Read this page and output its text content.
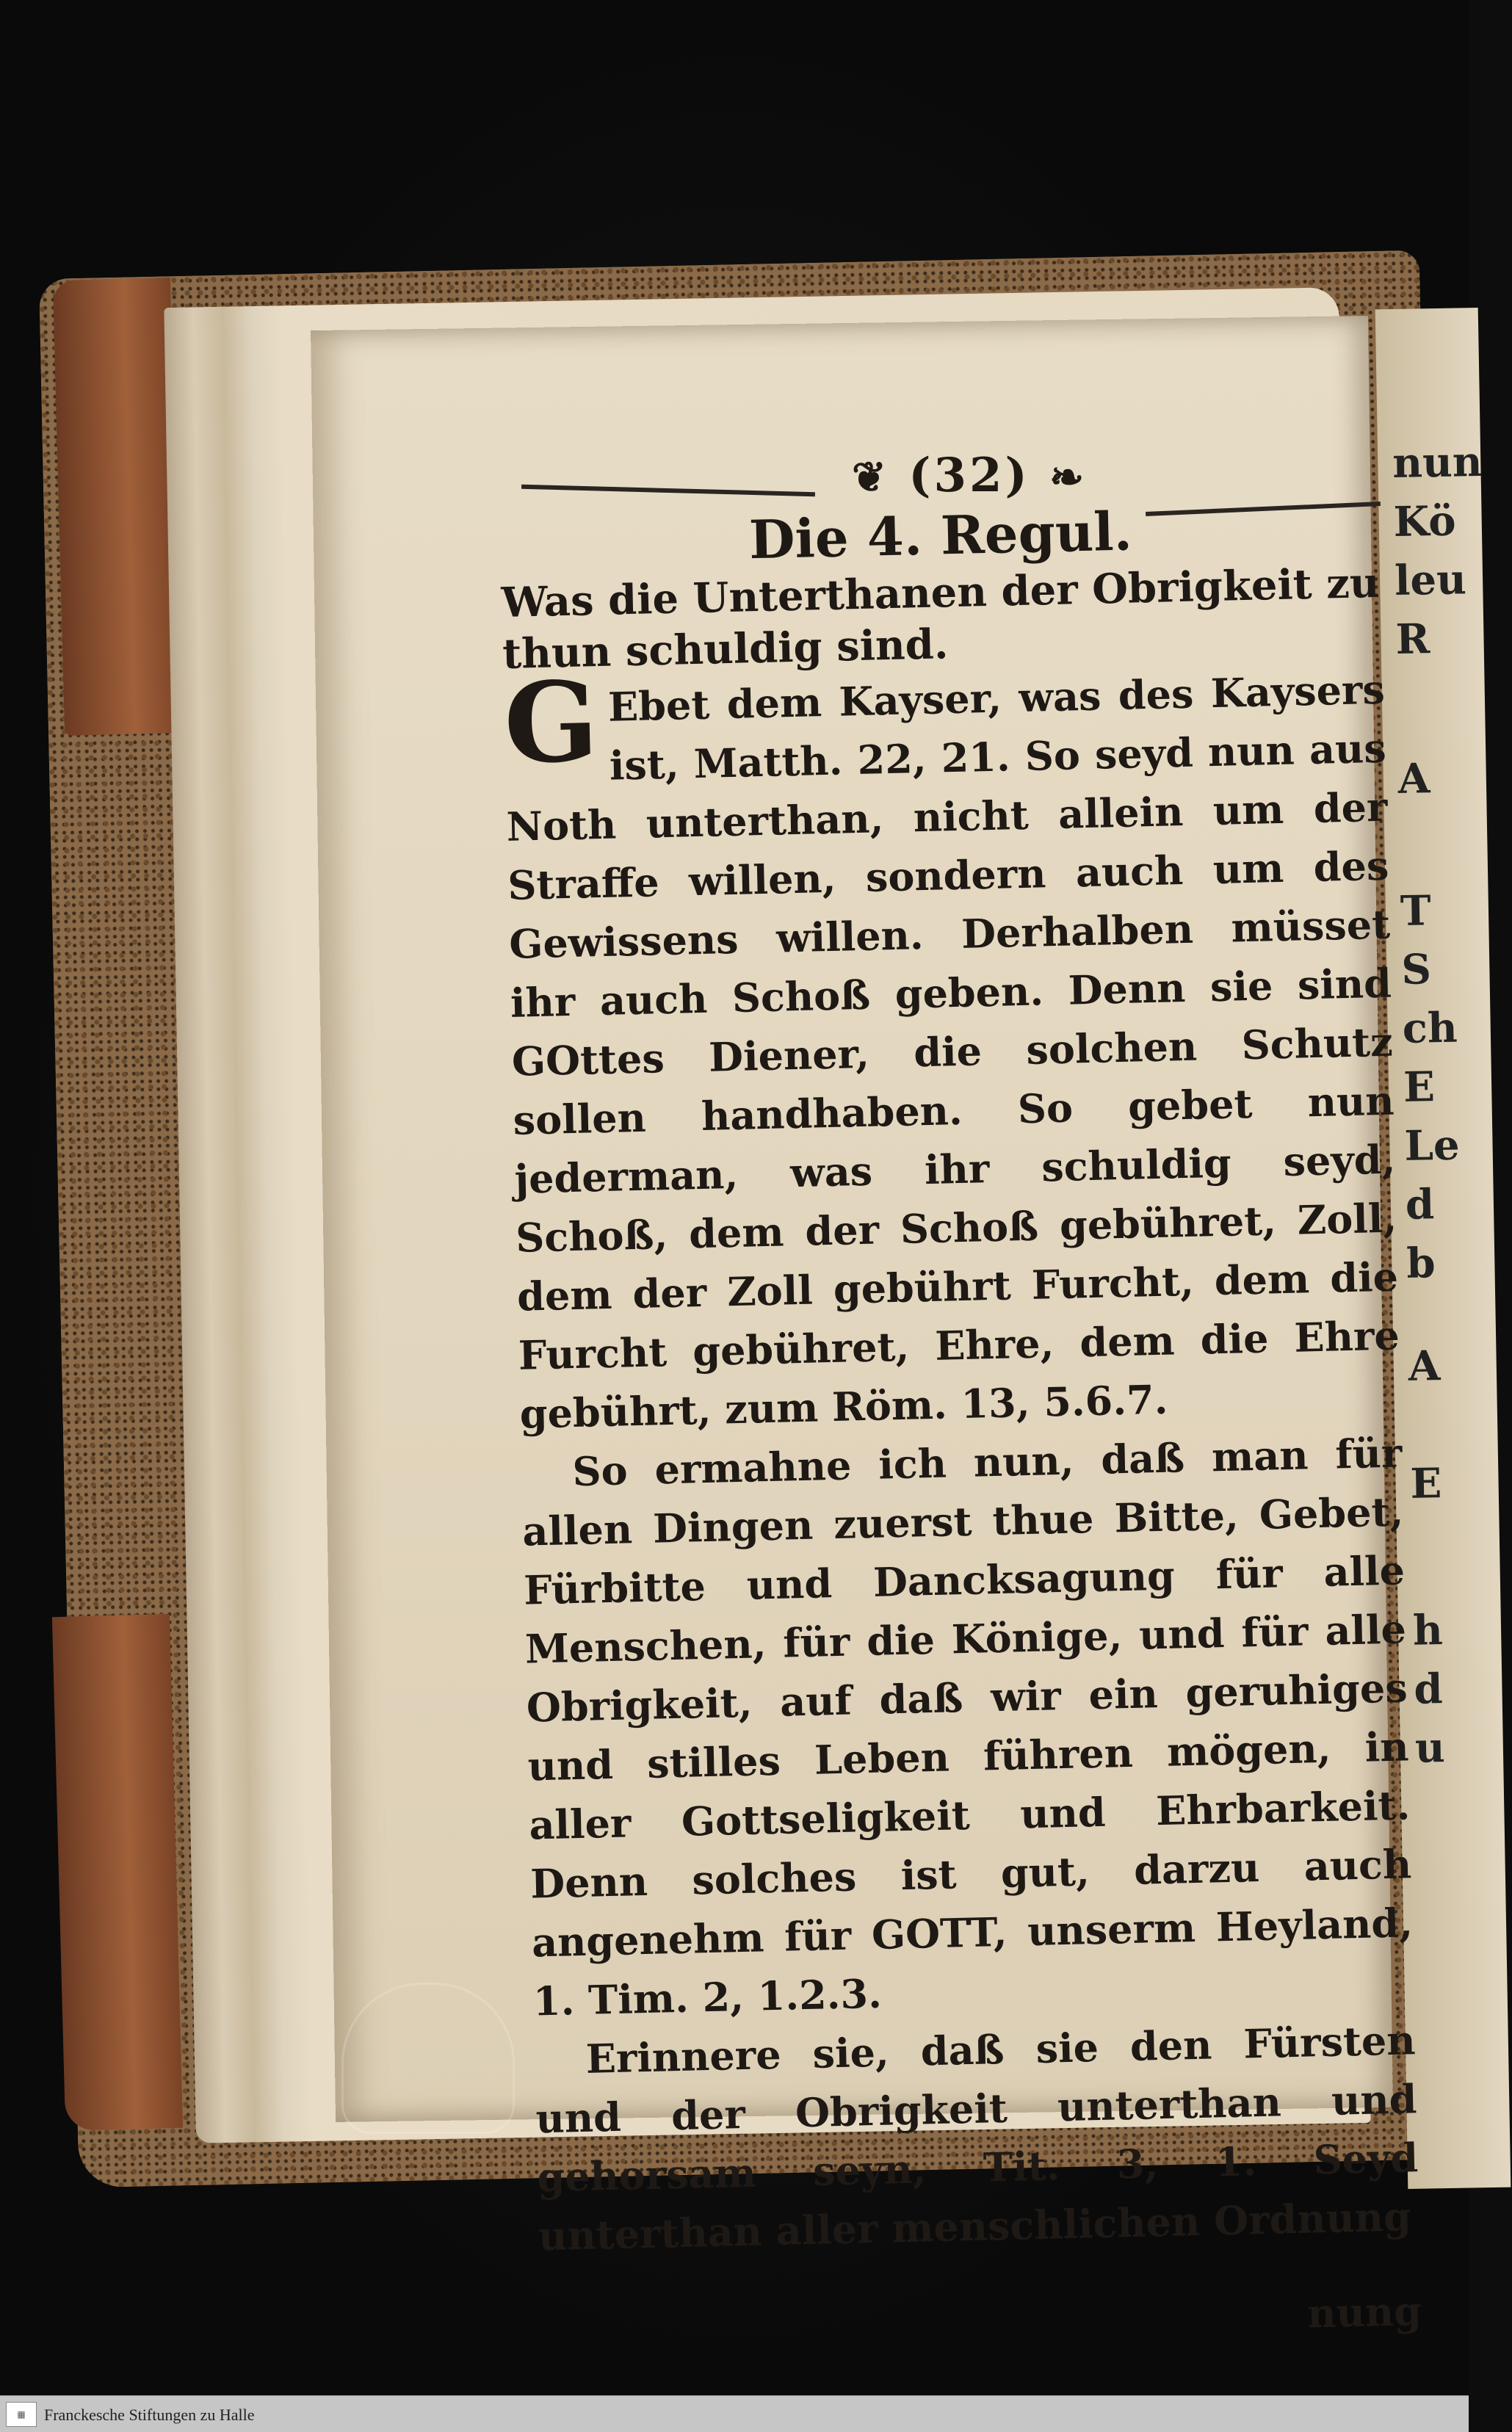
nun
Kö
leu
R
A
T
S
ch
E
Le
d
b
A
E
h
d
u
❦ (32) ❧

Die 4. Regul.

Was die Unterthanen der Obrigkeit zu thun schuldig sind.

G Ebet dem Kayser, was des Kaysers ist, Matth. 22, 21. So seyd nun aus Noth unterthan, nicht allein um der Straffe willen, sondern auch um des Gewissens willen. Derhalben müsset ihr auch Schoß geben. Denn sie sind GOttes Diener, die solchen Schutz sollen handhaben. So gebet nun jederman, was ihr schuldig seyd, Schoß, dem der Schoß gebühret, Zoll, dem der Zoll gebührt Furcht, dem die Furcht gebühret, Ehre, dem die Ehre gebührt, zum Röm. 13, 5.6.7.

So ermahne ich nun, daß man für allen Dingen zuerst thue Bitte, Gebet, Fürbitte und Dancksagung für alle Menschen, für die Könige, und für alle Obrigkeit, auf daß wir ein geruhiges und stilles Leben führen mögen, in aller Gottseligkeit und Ehrbarkeit. Denn solches ist gut, darzu auch angenehm für GOTT, unserm Heyland, 1. Tim. 2, 1.2.3.

Erinnere sie, daß sie den Fürsten und der Obrigkeit unterthan und gehorsam seyn, Tit. 3, 1. Seyd unterthan aller menschlichen Ordnung

nung

▦	Franckesche Stiftungen zu Halle
